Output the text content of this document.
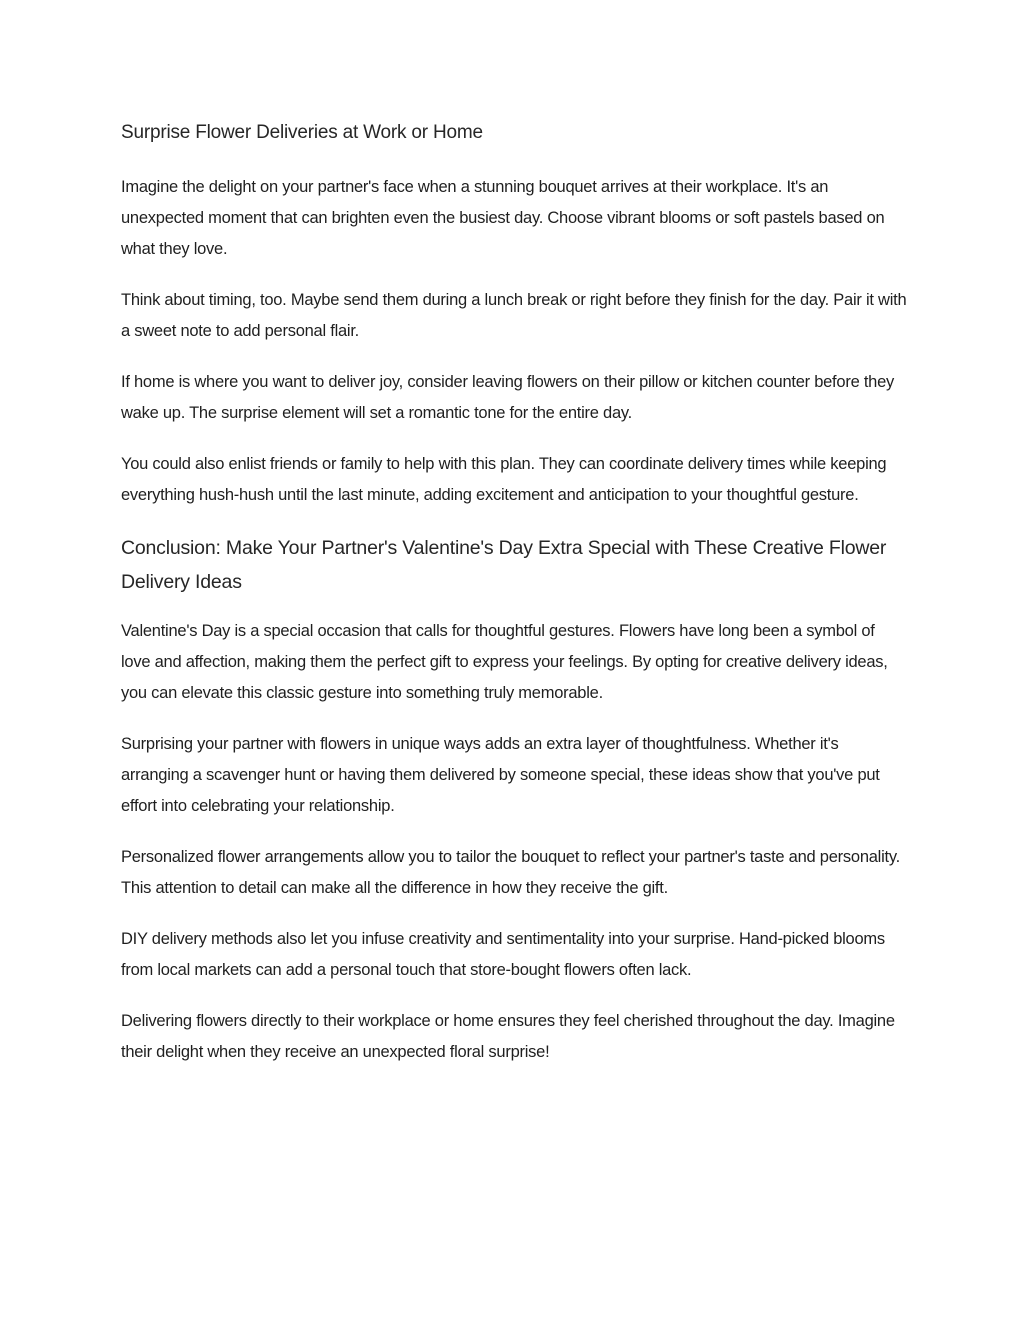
Surprise Flower Deliveries at Work or Home

Imagine the delight on your partner's face when a stunning bouquet arrives at their workplace. It's an unexpected moment that can brighten even the busiest day. Choose vibrant blooms or soft pastels based on what they love.

Think about timing, too. Maybe send them during a lunch break or right before they finish for the day. Pair it with a sweet note to add personal flair.

If home is where you want to deliver joy, consider leaving flowers on their pillow or kitchen counter before they wake up. The surprise element will set a romantic tone for the entire day.

You could also enlist friends or family to help with this plan. They can coordinate delivery times while keeping everything hush-hush until the last minute, adding excitement and anticipation to your thoughtful gesture.

Conclusion: Make Your Partner's Valentine's Day Extra Special with These Creative Flower Delivery Ideas

Valentine's Day is a special occasion that calls for thoughtful gestures. Flowers have long been a symbol of love and affection, making them the perfect gift to express your feelings. By opting for creative delivery ideas, you can elevate this classic gesture into something truly memorable.

Surprising your partner with flowers in unique ways adds an extra layer of thoughtfulness. Whether it's arranging a scavenger hunt or having them delivered by someone special, these ideas show that you've put effort into celebrating your relationship.

Personalized flower arrangements allow you to tailor the bouquet to reflect your partner's taste and personality. This attention to detail can make all the difference in how they receive the gift.

DIY delivery methods also let you infuse creativity and sentimentality into your surprise. Hand-picked blooms from local markets can add a personal touch that store-bought flowers often lack.

Delivering flowers directly to their workplace or home ensures they feel cherished throughout the day. Imagine their delight when they receive an unexpected floral surprise!
